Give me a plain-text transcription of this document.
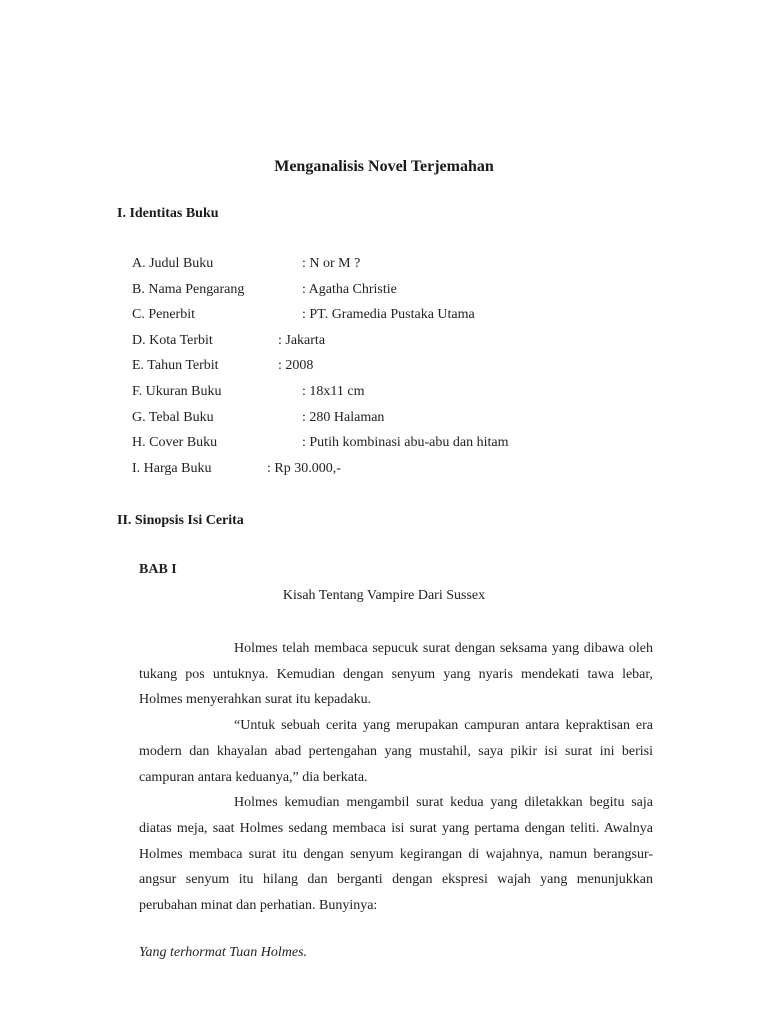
Menganalisis Novel Terjemahan
I. Identitas Buku
A. Judul Buku	: N or M ?
B. Nama Pengarang	: Agatha Christie
C. Penerbit	: PT. Gramedia Pustaka Utama
D. Kota Terbit	: Jakarta
E. Tahun Terbit	: 2008
F. Ukuran Buku	: 18x11 cm
G. Tebal Buku	: 280 Halaman
H. Cover Buku	: Putih kombinasi abu-abu dan hitam
I. Harga Buku	: Rp 30.000,-
II. Sinopsis Isi Cerita
BAB I
Kisah Tentang Vampire Dari Sussex

Holmes telah membaca sepucuk surat dengan seksama yang dibawa oleh tukang pos untuknya. Kemudian dengan senyum yang nyaris mendekati tawa lebar, Holmes menyerahkan surat itu kepadaku.

“Untuk sebuah cerita yang merupakan campuran antara kepraktisan era modern dan khayalan abad pertengahan yang mustahil, saya pikir isi surat ini berisi campuran antara keduanya,” dia berkata.

Holmes kemudian mengambil surat kedua yang diletakkan begitu saja diatas meja, saat Holmes sedang membaca isi surat yang pertama dengan teliti. Awalnya Holmes membaca surat itu dengan senyum kegirangan di wajahnya, namun berangsur-angsur senyum itu hilang dan berganti dengan ekspresi wajah yang menunjukkan perubahan minat dan perhatian. Bunyinya:

Yang terhormat Tuan Holmes.
